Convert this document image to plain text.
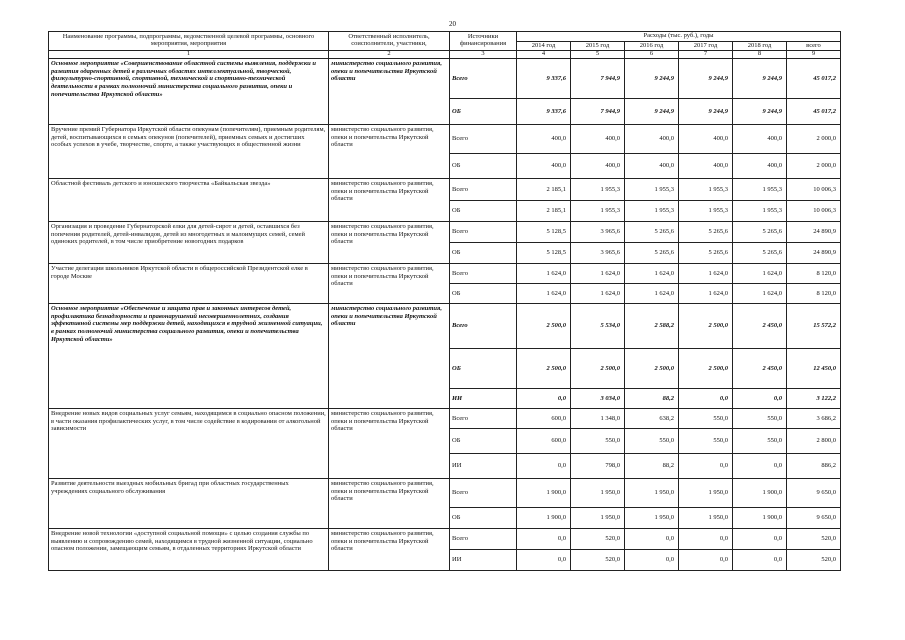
20
Наименование программы, подпрограммы, ведомственной целевой программы, основного мероприятия, мероприятия	Ответственный исполнитель, соисполнители, участники,	Источники финансирования	Расходы (тыс. руб.), годы					
			2014 год	2015 год	2016 год	2017 год	2018 год	всего
1	2	3	4	5	6	7	8	9
Основное мероприятие «Совершенствование областной системы выявления, поддержки и развития одаренных детей в различных областях интеллектуальной, творческой, физкультурно-спортивной, спортивной, технической и спортивно-технической деятельности в рамках полномочий министерства социального развития, опеки и попечительства Иркутской области»	министерство социального развития, опеки и попечительства Иркутской области	Всего	9 337,6	7 944,9	9 244,9	9 244,9	9 244,9	45 017,2
		ОБ	9 337,6	7 944,9	9 244,9	9 244,9	9 244,9	45 017,2
Вручение премий Губернатора Иркутской области опекунам (попечителям), приемным родителям, детей, воспитывающихся в семьях опекунов (попечителей), приемных семьях и достигших особых успехов в учебе, творчестве, спорте, а также участвующих в общественной жизни	министерство социального развития, опеки и попечительства Иркутской области	Всего	400,0	400,0	400,0	400,0	400,0	2 000,0
		ОБ	400,0	400,0	400,0	400,0	400,0	2 000,0
Областной фестиваль детского и юношеского творчества «Байкальская звезда»	министерство социального развития, опеки и попечительства Иркутской области	Всего	2 185,1	1 955,3	1 955,3	1 955,3	1 955,3	10 006,3
		ОБ	2 185,1	1 955,3	1 955,3	1 955,3	1 955,3	10 006,3
Организация и проведение Губернаторской елки для детей-сирот и детей, оставшихся без попечения родителей, детей-инвалидов, детей из многодетных и малоимущих семей, семей одиноких родителей, в том числе приобретение новогодних подарков	министерство социального развития, опеки и попечительства Иркутской области	Всего	5 128,5	3 965,6	5 265,6	5 265,6	5 265,6	24 890,9
		ОБ	5 128,5	3 965,6	5 265,6	5 265,6	5 265,6	24 890,9
Участие делегации школьников Иркутской области в общероссийской Президентской елке в городе Москве	министерство социального развития, опеки и попечительства Иркутской области	Всего	1 624,0	1 624,0	1 624,0	1 624,0	1 624,0	8 120,0
		ОБ	1 624,0	1 624,0	1 624,0	1 624,0	1 624,0	8 120,0
Основное мероприятие «Обеспечение и защита прав и законных интересов детей, профилактика безнадзорности и правонарушений несовершеннолетних, создания эффективной системы мер поддержки детей, находящихся в трудной жизненной ситуации, в рамках полномочий министерства социального развития, опеки и попечительства Иркутской области»	министерство социального развития, опеки и попечительства Иркутской области	Всего	2 500,0	5 534,0	2 588,2	2 500,0	2 450,0	15 572,2
		ОБ	2 500,0	2 500,0	2 500,0	2 500,0	2 450,0	12 450,0
		ИИ	0,0	3 034,0	88,2	0,0	0,0	3 122,2
Внедрение новых видов социальных услуг семьям, находящимся в социально опасном положении, в части оказания профилактических услуг, в том числе содействие в кодировании от алкогольной зависимости	министерство социального развития, опеки и попечительства Иркутской области	Всего	600,0	1 348,0	638,2	550,0	550,0	3 686,2
		ОБ	600,0	550,0	550,0	550,0	550,0	2 800,0
		ИИ	0,0	798,0	88,2	0,0	0,0	886,2
Развитие деятельности выездных мобильных бригад при областных государственных учреждениях социального обслуживания	министерство социального развития, опеки и попечительства Иркутской области	Всего	1 900,0	1 950,0	1 950,0	1 950,0	1 900,0	9 650,0
		ОБ	1 900,0	1 950,0	1 950,0	1 950,0	1 900,0	9 650,0
Внедрение новой технологии «доступной социальной помощи» с целью создания службы по выявлению и сопровождению семей, находящимся в трудной жизненной ситуации, социально опасном положении, замещающим семьям, в отдаленных территориях Иркутской области	министерство социального развития, опеки и попечительства Иркутской области	Всего	0,0	520,0	0,0	0,0	0,0	520,0
		ИИ	0,0	520,0	0,0	0,0	0,0	520,0
